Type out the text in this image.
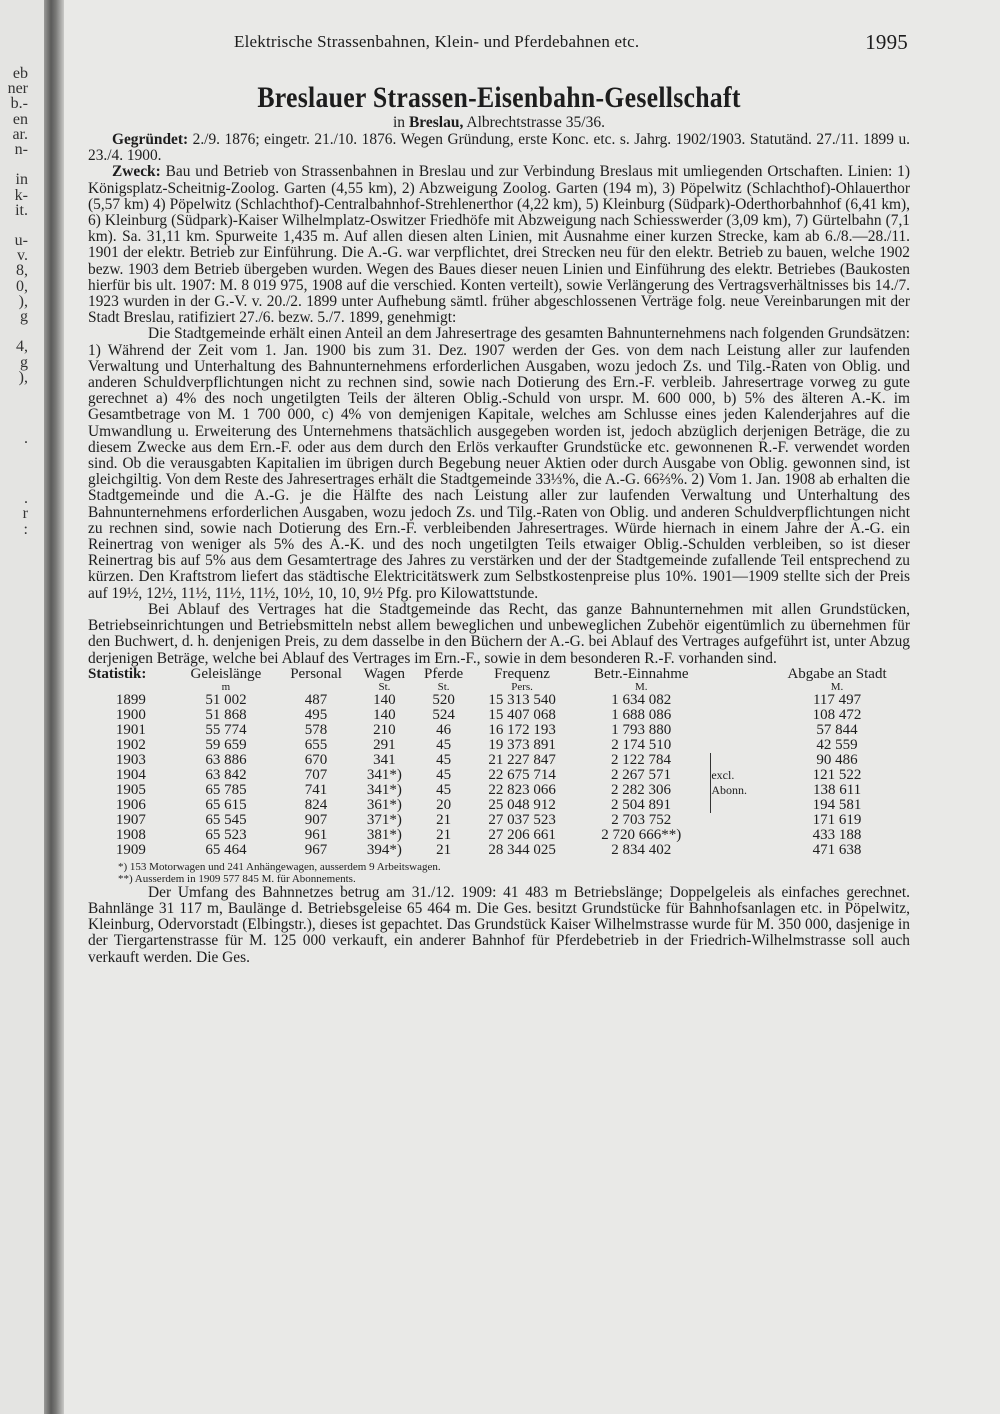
eb
ner
b.-
en
ar.
n-
in
k-
it.
u-
v.
8,
0,
),
g
4,
g
),
.
.
r
:
Elektrische Strassenbahnen, Klein- und Pferdebahnen etc.	1995
Breslauer Strassen-Eisenbahn-Gesellschaft
in Breslau, Albrechtstrasse 35/36.

Gegründet: 2./9. 1876; eingetr. 21./10. 1876. Wegen Gründung, erste Konc. etc. s. Jahrg. 1902/1903. Statutänd. 27./11. 1899 u. 23./4. 1900.

Zweck: Bau und Betrieb von Strassenbahnen in Breslau und zur Verbindung Breslaus mit umliegenden Ortschaften. Linien: 1) Königsplatz-Scheitnig-Zoolog. Garten (4,55 km), 2) Abzweigung Zoolog. Garten (194 m), 3) Pöpelwitz (Schlachthof)-Ohlauerthor (5,57 km) 4) Pöpelwitz (Schlachthof)-Centralbahnhof-Strehlenerthor (4,22 km), 5) Kleinburg (Südpark)-Oderthorbahnhof (6,41 km), 6) Kleinburg (Südpark)-Kaiser Wilhelmplatz-Oswitzer Friedhöfe mit Abzweigung nach Schiesswerder (3,09 km), 7) Gürtelbahn (7,1 km). Sa. 31,11 km. Spurweite 1,435 m. Auf allen diesen alten Linien, mit Ausnahme einer kurzen Strecke, kam ab 6./8.—28./11. 1901 der elektr. Betrieb zur Einführung. Die A.-G. war verpflichtet, drei Strecken neu für den elektr. Betrieb zu bauen, welche 1902 bezw. 1903 dem Betrieb übergeben wurden. Wegen des Baues dieser neuen Linien und Einführung des elektr. Betriebes (Baukosten hierfür bis ult. 1907: M. 8 019 975, 1908 auf die verschied. Konten verteilt), sowie Verlängerung des Vertragsverhältnisses bis 14./7. 1923 wurden in der G.-V. v. 20./2. 1899 unter Aufhebung sämtl. früher abgeschlossenen Verträge folg. neue Vereinbarungen mit der Stadt Breslau, ratifiziert 27./6. bezw. 5./7. 1899, genehmigt:

Die Stadtgemeinde erhält einen Anteil an dem Jahresertrage des gesamten Bahnunternehmens nach folgenden Grundsätzen: 1) Während der Zeit vom 1. Jan. 1900 bis zum 31. Dez. 1907 werden der Ges. von dem nach Leistung aller zur laufenden Verwaltung und Unterhaltung des Bahnunternehmens erforderlichen Ausgaben, wozu jedoch Zs. und Tilg.-Raten von Oblig. und anderen Schuldverpflichtungen nicht zu rechnen sind, sowie nach Dotierung des Ern.-F. verbleib. Jahresertrage vorweg zu gute gerechnet a) 4% des noch ungetilgten Teils der älteren Oblig.-Schuld von urspr. M. 600 000, b) 5% des älteren A.-K. im Gesamtbetrage von M. 1 700 000, c) 4% von demjenigen Kapitale, welches am Schlusse eines jeden Kalenderjahres auf die Umwandlung u. Erweiterung des Unternehmens thatsächlich ausgegeben worden ist, jedoch abzüglich derjenigen Beträge, die zu diesem Zwecke aus dem Ern.-F. oder aus dem durch den Erlös verkaufter Grundstücke etc. gewonnenen R.-F. verwendet worden sind. Ob die verausgabten Kapitalien im übrigen durch Begebung neuer Aktien oder durch Ausgabe von Oblig. gewonnen sind, ist gleichgiltig. Von dem Reste des Jahresertrages erhält die Stadtgemeinde 33⅓%, die A.-G. 66⅔%. 2) Vom 1. Jan. 1908 ab erhalten die Stadtgemeinde und die A.-G. je die Hälfte des nach Leistung aller zur laufenden Verwaltung und Unterhaltung des Bahnunternehmens erforderlichen Ausgaben, wozu jedoch Zs. und Tilg.-Raten von Oblig. und anderen Schuldverpflichtungen nicht zu rechnen sind, sowie nach Dotierung des Ern.-F. verbleibenden Jahresertrages. Würde hiernach in einem Jahre der A.-G. ein Reinertrag von weniger als 5% des A.-K. und des noch ungetilgten Teils etwaiger Oblig.-Schulden verbleiben, so ist dieser Reinertrag bis auf 5% aus dem Gesamtertrage des Jahres zu verstärken und der der Stadtgemeinde zufallende Teil entsprechend zu kürzen. Den Kraftstrom liefert das städtische Elektricitätswerk zum Selbstkostenpreise plus 10%. 1901—1909 stellte sich der Preis auf 19½, 12½, 11½, 11½, 11½, 10½, 10, 10, 9½ Pfg. pro Kilowattstunde.

Bei Ablauf des Vertrages hat die Stadtgemeinde das Recht, das ganze Bahnunternehmen mit allen Grundstücken, Betriebseinrichtungen und Betriebsmitteln nebst allem beweglichen und unbeweglichen Zubehör eigentümlich zu übernehmen für den Buchwert, d. h. denjenigen Preis, zu dem dasselbe in den Büchern der A.-G. bei Ablauf des Vertrages aufgeführt ist, unter Abzug derjenigen Beträge, welche bei Ablauf des Vertrages im Ern.-F., sowie in dem besonderen R.-F. vorhanden sind.

Statistik:	Geleislänge	Personal	Wagen	Pferde	Frequenz	Betr.-Einnahme		Abgabe an Stadt
	m		St.	St.	Pers.	M.		M.
1899	51 002	487	140	520	15 313 540	1 634 082		117 497
1900	51 868	495	140	524	15 407 068	1 688 086		108 472
1901	55 774	578	210	46	16 172 193	1 793 880		57 844
1902	59 659	655	291	45	19 373 891	2 174 510		42 559
1903	63 886	670	341	45	21 227 847	2 122 784		90 486
1904	63 842	707	341*)	45	22 675 714	2 267 571	excl.	121 522
1905	65 785	741	341*)	45	22 823 066	2 282 306	Abonn.	138 611
1906	65 615	824	361*)	20	25 048 912	2 504 891		194 581
1907	65 545	907	371*)	21	27 037 523	2 703 752		171 619
1908	65 523	961	381*)	21	27 206 661	2 720 666**)		433 188
1909	65 464	967	394*)	21	28 344 025	2 834 402		471 638
*) 153 Motorwagen und 241 Anhängewagen, ausserdem 9 Arbeitswagen.
**) Ausserdem in 1909 577 845 M. für Abonnements.

Der Umfang des Bahnnetzes betrug am 31./12. 1909: 41 483 m Betriebslänge; Doppelgeleis als einfaches gerechnet. Bahnlänge 31 117 m, Baulänge d. Betriebsgeleise 65 464 m. Die Ges. besitzt Grundstücke für Bahnhofsanlagen etc. in Pöpelwitz, Kleinburg, Odervorstadt (Elbingstr.), dieses ist gepachtet. Das Grundstück Kaiser Wilhelmstrasse wurde für M. 350 000, dasjenige in der Tiergartenstrasse für M. 125 000 verkauft, ein anderer Bahnhof für Pferdebetrieb in der Friedrich-Wilhelmstrasse soll auch verkauft werden. Die Ges.
